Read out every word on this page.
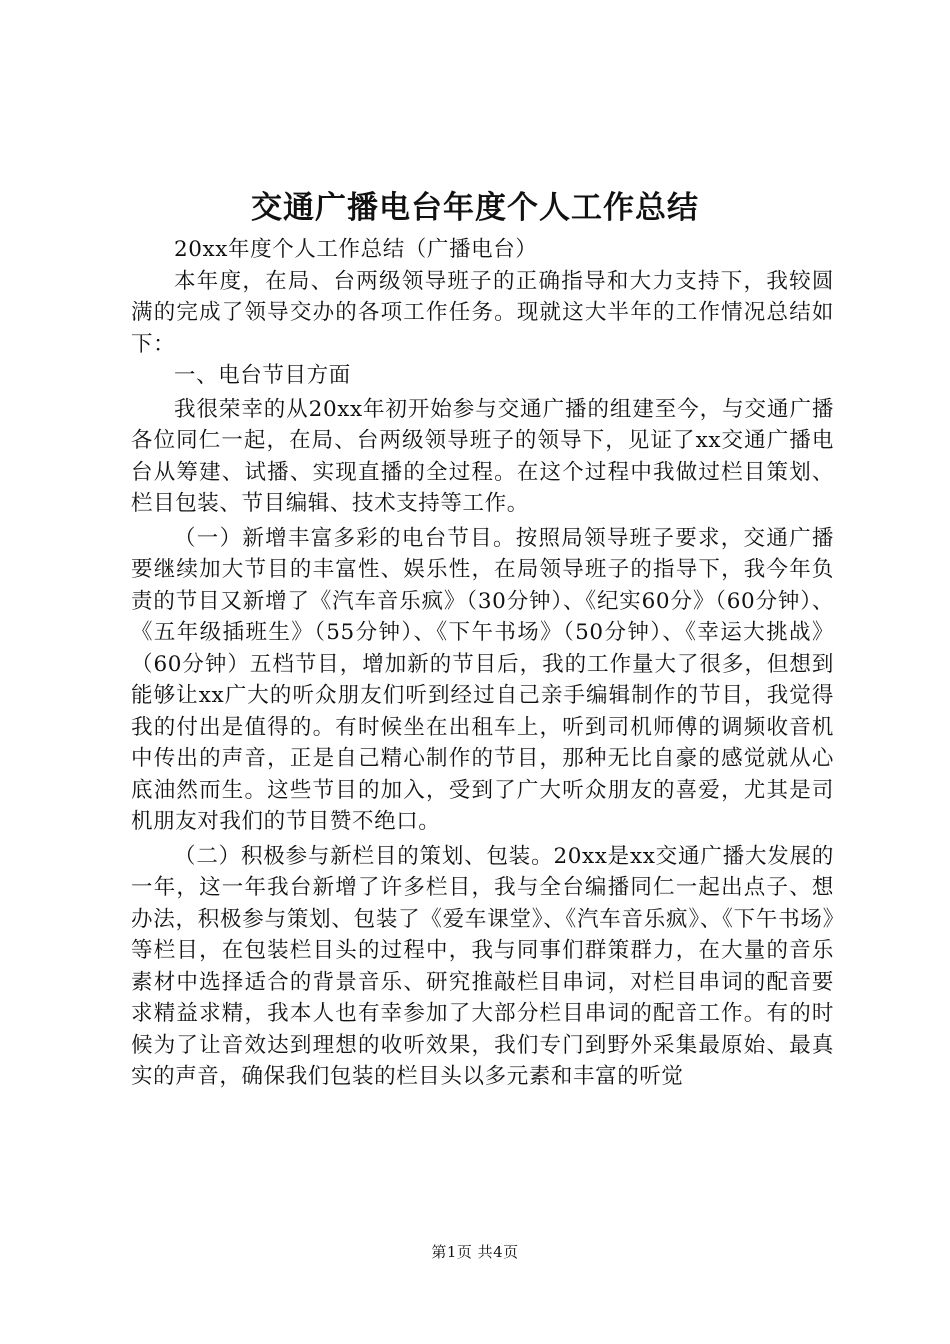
交通广播电台年度个人工作总结

20xx年度个人工作总结（广播电台）

本年度，在局、台两级领导班子的正确指导和大力支持下，我较圆满的完成了领导交办的各项工作任务。现就这大半年的工作情况总结如下：

一、电台节目方面

我很荣幸的从20xx年初开始参与交通广播的组建至今，与交通广播各位同仁一起，在局、台两级领导班子的领导下，见证了xx交通广播电台从筹建、试播、实现直播的全过程。在这个过程中我做过栏目策划、栏目包装、节目编辑、技术支持等工作。

（一）新增丰富多彩的电台节目。按照局领导班子要求，交通广播要继续加大节目的丰富性、娱乐性，在局领导班子的指导下，我今年负责的节目又新增了《汽车音乐疯》（30分钟）、《纪实60分》（60分钟）、《五年级插班生》（55分钟）、《下午书场》（50分钟）、《幸运大挑战》（60分钟）五档节目，增加新的节目后，我的工作量大了很多，但想到能够让xx广大的听众朋友们听到经过自己亲手编辑制作的节目，我觉得我的付出是值得的。有时候坐在出租车上，听到司机师傅的调频收音机中传出的声音，正是自己精心制作的节目，那种无比自豪的感觉就从心底油然而生。这些节目的加入，受到了广大听众朋友的喜爱，尤其是司机朋友对我们的节目赞不绝口。

（二）积极参与新栏目的策划、包装。20xx是xx交通广播大发展的一年，这一年我台新增了许多栏目，我与全台编播同仁一起出点子、想办法，积极参与策划、包装了《爱车课堂》、《汽车音乐疯》、《下午书场》等栏目，在包装栏目头的过程中，我与同事们群策群力，在大量的音乐素材中选择适合的背景音乐、研究推敲栏目串词，对栏目串词的配音要求精益求精，我本人也有幸参加了大部分栏目串词的配音工作。有的时候为了让音效达到理想的收听效果，我们专门到野外采集最原始、最真实的声音，确保我们包装的栏目头以多元素和丰富的听觉

第1页 共4页
